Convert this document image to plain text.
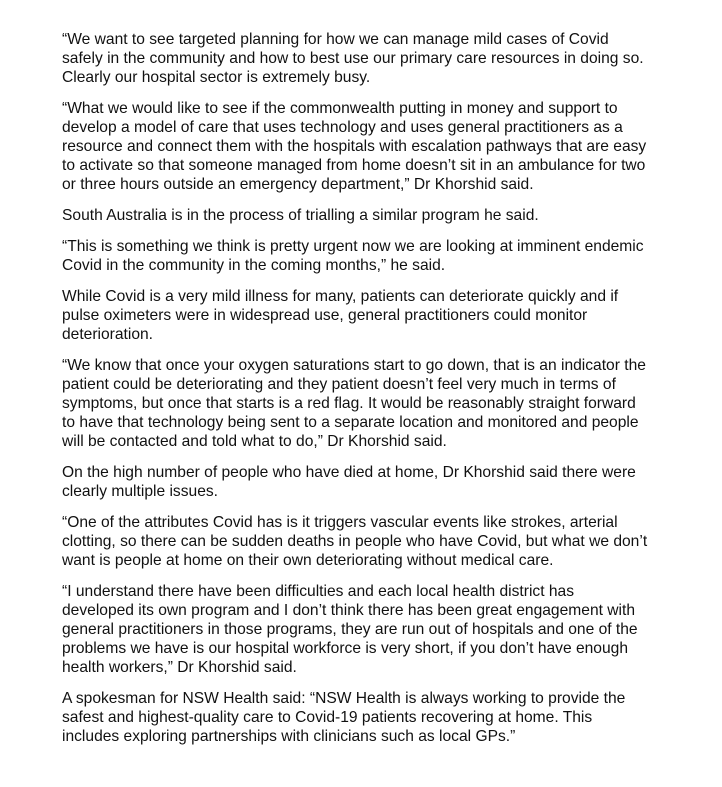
“We want to see targeted planning for how we can manage mild cases of Covid
safely in the community and how to best use our primary care resources in doing so.
Clearly our hospital sector is extremely busy.

“What we would like to see if the commonwealth putting in money and support to
develop a model of care that uses technology and uses general practitioners as a
resource and connect them with the hospitals with escalation pathways that are easy
to activate so that someone managed from home doesn’t sit in an ambulance for two
or three hours outside an emergency department,” Dr Khorshid said.

South Australia is in the process of trialling a similar program he said.

“This is something we think is pretty urgent now we are looking at imminent endemic
Covid in the community in the coming months,” he said.

While Covid is a very mild illness for many, patients can deteriorate quickly and if
pulse oximeters were in widespread use, general practitioners could monitor
deterioration.

“We know that once your oxygen saturations start to go down, that is an indicator the
patient could be deteriorating and they patient doesn’t feel very much in terms of
symptoms, but once that starts is a red flag. It would be reasonably straight forward
to have that technology being sent to a separate location and monitored and people
will be contacted and told what to do,” Dr Khorshid said.

On the high number of people who have died at home, Dr Khorshid said there were
clearly multiple issues.

“One of the attributes Covid has is it triggers vascular events like strokes, arterial
clotting, so there can be sudden deaths in people who have Covid, but what we don’t
want is people at home on their own deteriorating without medical care.

“I understand there have been difficulties and each local health district has
developed its own program and I don’t think there has been great engagement with
general practitioners in those programs, they are run out of hospitals and one of the
problems we have is our hospital workforce is very short, if you don’t have enough
health workers,” Dr Khorshid said.

A spokesman for NSW Health said: “NSW Health is always working to provide the
safest and highest-quality care to Covid-19 patients recovering at home. This
includes exploring partnerships with clinicians such as local GPs.”
